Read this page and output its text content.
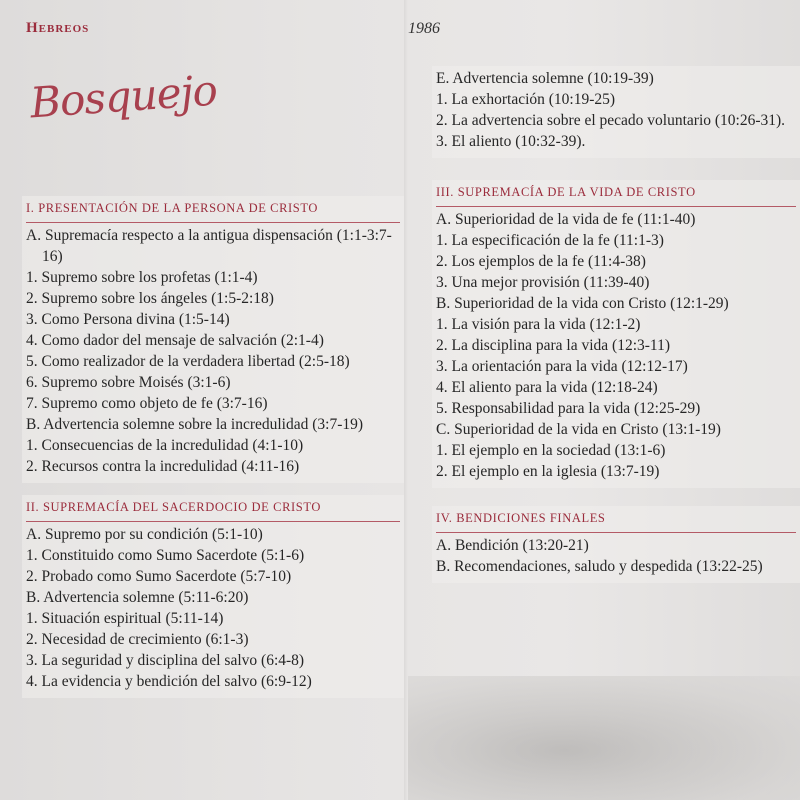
Hebreos	1986
Bosquejo
I. PRESENTACIÓN DE LA PERSONA DE CRISTO
A. Supremacía respecto a la antigua dispensación (1:1-3:7-16)
1. Supremo sobre los profetas (1:1-4)
2. Supremo sobre los ángeles (1:5-2:18)
3. Como Persona divina (1:5-14)
4. Como dador del mensaje de salvación (2:1-4)
5. Como realizador de la verdadera libertad (2:5-18)
6. Supremo sobre Moisés (3:1-6)
7. Supremo como objeto de fe (3:7-16)
B. Advertencia solemne sobre la incredulidad (3:7-19)
1. Consecuencias de la incredulidad (4:1-10)
2. Recursos contra la incredulidad (4:11-16)
II. SUPREMACÍA DEL SACERDOCIO DE CRISTO
A. Supremo por su condición (5:1-10)
1. Constituido como Sumo Sacerdote (5:1-6)
2. Probado como Sumo Sacerdote (5:7-10)
B. Advertencia solemne (5:11-6:20)
1. Situación espiritual (5:11-14)
2. Necesidad de crecimiento (6:1-3)
3. La seguridad y disciplina del salvo (6:4-8)
4. La evidencia y bendición del salvo (6:9-12)
E. Advertencia solemne (10:19-39)
1. La exhortación (10:19-25)
2. La advertencia sobre el pecado voluntario (10:26-31).
3. El aliento (10:32-39).
III. SUPREMACÍA DE LA VIDA DE CRISTO
A. Superioridad de la vida de fe (11:1-40)
1. La especificación de la fe (11:1-3)
2. Los ejemplos de la fe (11:4-38)
3. Una mejor provisión (11:39-40)
B. Superioridad de la vida con Cristo (12:1-29)
1. La visión para la vida (12:1-2)
2. La disciplina para la vida (12:3-11)
3. La orientación para la vida (12:12-17)
4. El aliento para la vida (12:18-24)
5. Responsabilidad para la vida (12:25-29)
C. Superioridad de la vida en Cristo (13:1-19)
1. El ejemplo en la sociedad (13:1-6)
2. El ejemplo en la iglesia (13:7-19)
IV. BENDICIONES FINALES
A. Bendición (13:20-21)
B. Recomendaciones, saludo y despedida (13:22-25)
